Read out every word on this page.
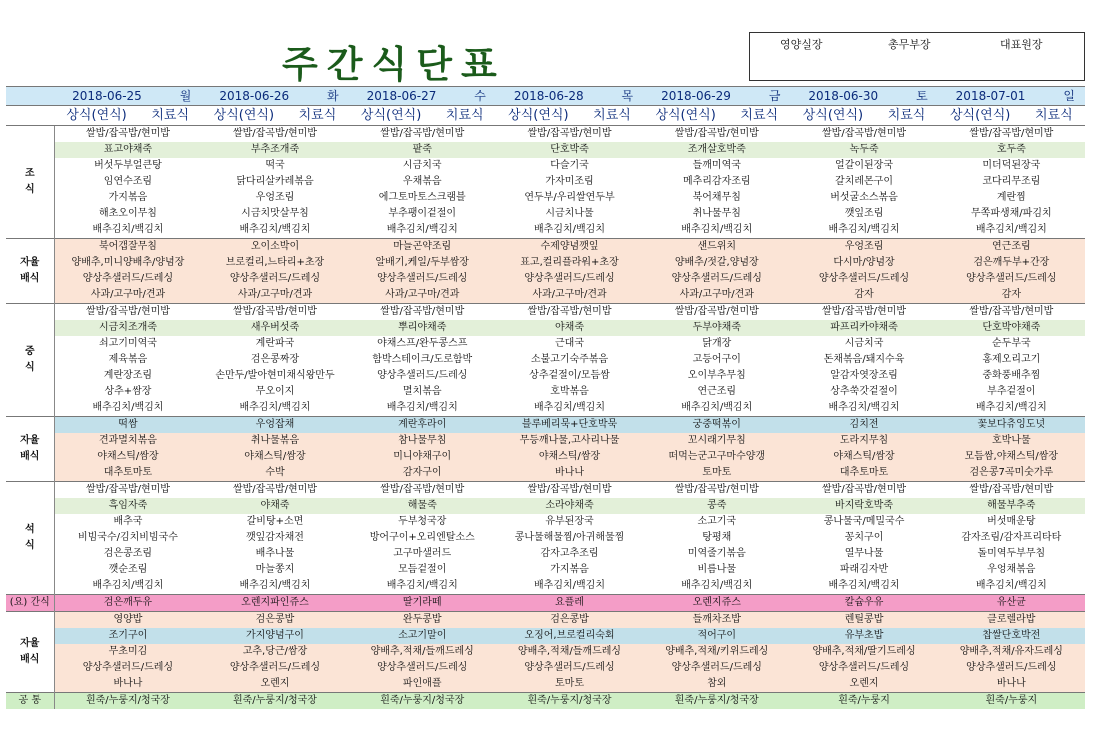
주간식단표	영양실장	총무부장	대표원장

	2018-06-25 월	2018-06-26 화	2018-06-27 수	2018-06-28 목	2018-06-29 금	2018-06-30 토	2018-07-01 일

	상식(연식) 치료식	상식(연식) 치료식	상식(연식) 치료식	상식(연식) 치료식	상식(연식) 치료식	상식(연식) 치료식	상식(연식) 치료식

조
식	쌀밥/잡곡밥/현미밥	쌀밥/잡곡밥/현미밥	쌀밥/잡곡밥/현미밥	쌀밥/잡곡밥/현미밥	쌀밥/잡곡밥/현미밥	쌀밥/잡곡밥/현미밥	쌀밥/잡곡밥/현미밥
	표고야채죽	부추조개죽	팥죽	단호박죽	조개살호박죽	녹두죽	호두죽
	버섯두부얼큰탕	떡국	시금치국	다슬기국	들깨미역국	얼갈이된장국	미더덕된장국
	임연수조림	닭다리살카레볶음	우채볶음	가자미조림	메추리감자조림	갈치레몬구이	코다리무조림
	가지볶음	우엉조림	에그토마토스크램블	연두부/우리쌀연두부	북어채무침	버섯굴소스볶음	계란찜
	해초오이무침	시금치맛살무침	부추팽이겉절이	시금치나물	취나물무침	깻잎조림	무쪽파생채/파김치
	배추김치/백김치	배추김치/백김치	배추김치/백김치	배추김치/백김치	배추김치/백김치	배추김치/백김치	배추김치/백김치
자율
배식	북어갭잘무침	오이소박이	마늘곤약조림	수제양념깻잎	샌드위치	우엉조림	연근조림
	양배추,미니양배추/양념장	브로컬리,느타리+초장	알배기,케일/두부쌈장	표고,컬리플라워+초장	양배추/젓갈,양념장	다시마/양념장	검은깨두부+간장
	양상추샐러드/드레싱	양상추샐러드/드레싱	양상추샐러드/드레싱	양상추샐러드/드레싱	양상추샐러드/드레싱	양상추샐러드/드레싱	양상추샐러드/드레싱
	사과/고구마/견과	사과/고구마/견과	사과/고구마/견과	사과/고구마/견과	사과/고구마/견과	감자	감자
중
식	쌀밥/잡곡밥/현미밥	쌀밥/잡곡밥/현미밥	쌀밥/잡곡밥/현미밥	쌀밥/잡곡밥/현미밥	쌀밥/잡곡밥/현미밥	쌀밥/잡곡밥/현미밥	쌀밥/잡곡밥/현미밥
	시금치조개죽	새우버섯죽	뿌리야채죽	야채죽	두부야채죽	파프리카야채죽	단호박야채죽
	쇠고기미역국	계란파국	야채스프/완두콩스프	근대국	닭개장	시금치국	순두부국
	제육볶음	검은콩짜장	함박스테이크/도로함박	소불고기숙주볶음	고등어구이	돈채볶음/돼지수육	홍제오리고기
	계란장조림	손만두/발아현미채식왕만두	양상추샐러드/드레싱	상추겉절이/모듬쌈	오이부추무침	알감자엿장조림	중화풍배추찜
	상추+쌈장	무오이지	멸치볶음	호박볶음	연근조림	상추쑥갓겉절이	부추겉절이
	배추김치/백김치	배추김치/백김치	배추김치/백김치	배추김치/백김치	배추김치/백김치	배추김치/백김치	배추김치/백김치
자율
배식	떡쌈	우엉잡채	계란후라이	블루베리묵+단호박묵	궁중떡볶이	김치전	꽃보다츄잉도넛
	견과멸치볶음	취나물볶음	참나물무침	무등깨나물,고사리나물	꼬시래기무침	도라지무침	호박나물
	야채스틱/쌈장	야채스틱/쌈장	미니야채구이	야채스틱/쌈장	떠먹는군고구마수양갱	야채스틱/쌈장	모듬쌈,야채스틱/쌈장
	대추토마토	수박	감자구이	바나나	토마토	대추토마토	검은콩7곡미숫가루
석
식	쌀밥/잡곡밥/현미밥	쌀밥/잡곡밥/현미밥	쌀밥/잡곡밥/현미밥	쌀밥/잡곡밥/현미밥	쌀밥/잡곡밥/현미밥	쌀밥/잡곡밥/현미밥	쌀밥/잡곡밥/현미밥
	흑임자죽	야채죽	해물죽	소라야채죽	콩죽	바지락호박죽	해물부추죽
	배추국	갈비탕+소면	두부청국장	유부된장국	소고기국	콩나물국/메밀국수	버섯매운탕
	비빔국수/김치비빔국수	깻잎감자채전	방어구이+오리엔탈소스	콩나물해물찜/아귀해물찜	탕평채	꽁치구이	감자조림/감자프리타타
	검은콩조림	배추나물	고구마샐러드	감자고추조림	미역줄기볶음	열무나물	돌미역두부무침
	깻순조림	마늘쫑지	모듬겉절이	가지볶음	비름나물	파래김자반	우엉채볶음
	배추김치/백김치	배추김치/백김치	배추김치/백김치	배추김치/백김치	배추김치/백김치	배추김치/백김치	배추김치/백김치
(요) 간식	검은깨두유	오렌지파인쥬스	딸기라떼	요플레	오렌지쥬스	칼슘우유	유산균
자율
배식	영양밥	검은콩밥	완두콩밥	검은콩밥	들깨차조밥	렌틸콩밥	클로렐라밥
	조기구이	가지양념구이	소고기말이	오징어,브로컬리숙회	적어구이	유부초밥	찹쌀단호박전
	무초미김	고추,당근/쌈장	양배추,적채/들깨드레싱	양배추,적채/들깨드레싱	양배추,적채/키위드레싱	양배추,적채/딸기드레싱	양배추,적채/유자드레싱
	양상추샐러드/드레싱	양상추샐러드/드레싱	양상추샐러드/드레싱	양상추샐러드/드레싱	양상추샐러드/드레싱	양상추샐러드/드레싱	양상추샐러드/드레싱
	바나나	오렌지	파인애플	토마토	참외	오렌지	바나나
공 통	흰죽/누룽지/청국장	흰죽/누룽지/청국장	흰죽/누룽지/청국장	흰죽/누룽지/청국장	흰죽/누룽지/청국장	흰죽/누룽지	흰죽/누룽지
